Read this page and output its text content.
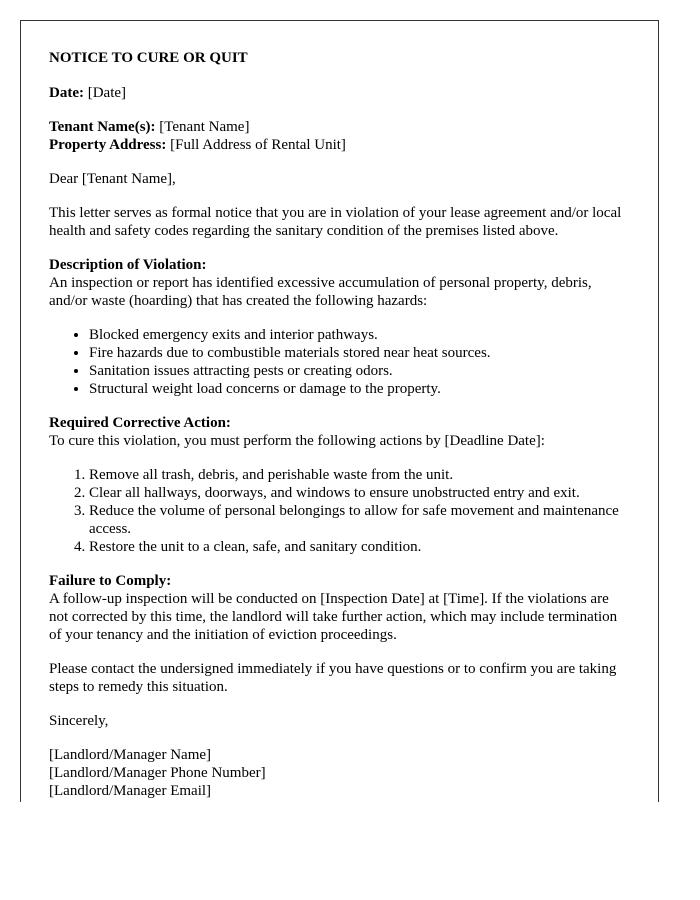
NOTICE TO CURE OR QUIT

Date: [Date]

Tenant Name(s): [Tenant Name]
Property Address: [Full Address of Rental Unit]

Dear [Tenant Name],

This letter serves as formal notice that you are in violation of your lease agreement and/or local health and safety codes regarding the sanitary condition of the premises listed above.

Description of Violation:
An inspection or report has identified excessive accumulation of personal property, debris, and/or waste (hoarding) that has created the following hazards:

• Blocked emergency exits and interior pathways.
• Fire hazards due to combustible materials stored near heat sources.
• Sanitation issues attracting pests or creating odors.
• Structural weight load concerns or damage to the property.

Required Corrective Action:
To cure this violation, you must perform the following actions by [Deadline Date]:

1. Remove all trash, debris, and perishable waste from the unit.
2. Clear all hallways, doorways, and windows to ensure unobstructed entry and exit.
3. Reduce the volume of personal belongings to allow for safe movement and maintenance access.
4. Restore the unit to a clean, safe, and sanitary condition.

Failure to Comply:
A follow-up inspection will be conducted on [Inspection Date] at [Time]. If the violations are not corrected by this time, the landlord will take further action, which may include termination of your tenancy and the initiation of eviction proceedings.

Please contact the undersigned immediately if you have questions or to confirm you are taking steps to remedy this situation.

Sincerely,

[Landlord/Manager Name]
[Landlord/Manager Phone Number]
[Landlord/Manager Email]
